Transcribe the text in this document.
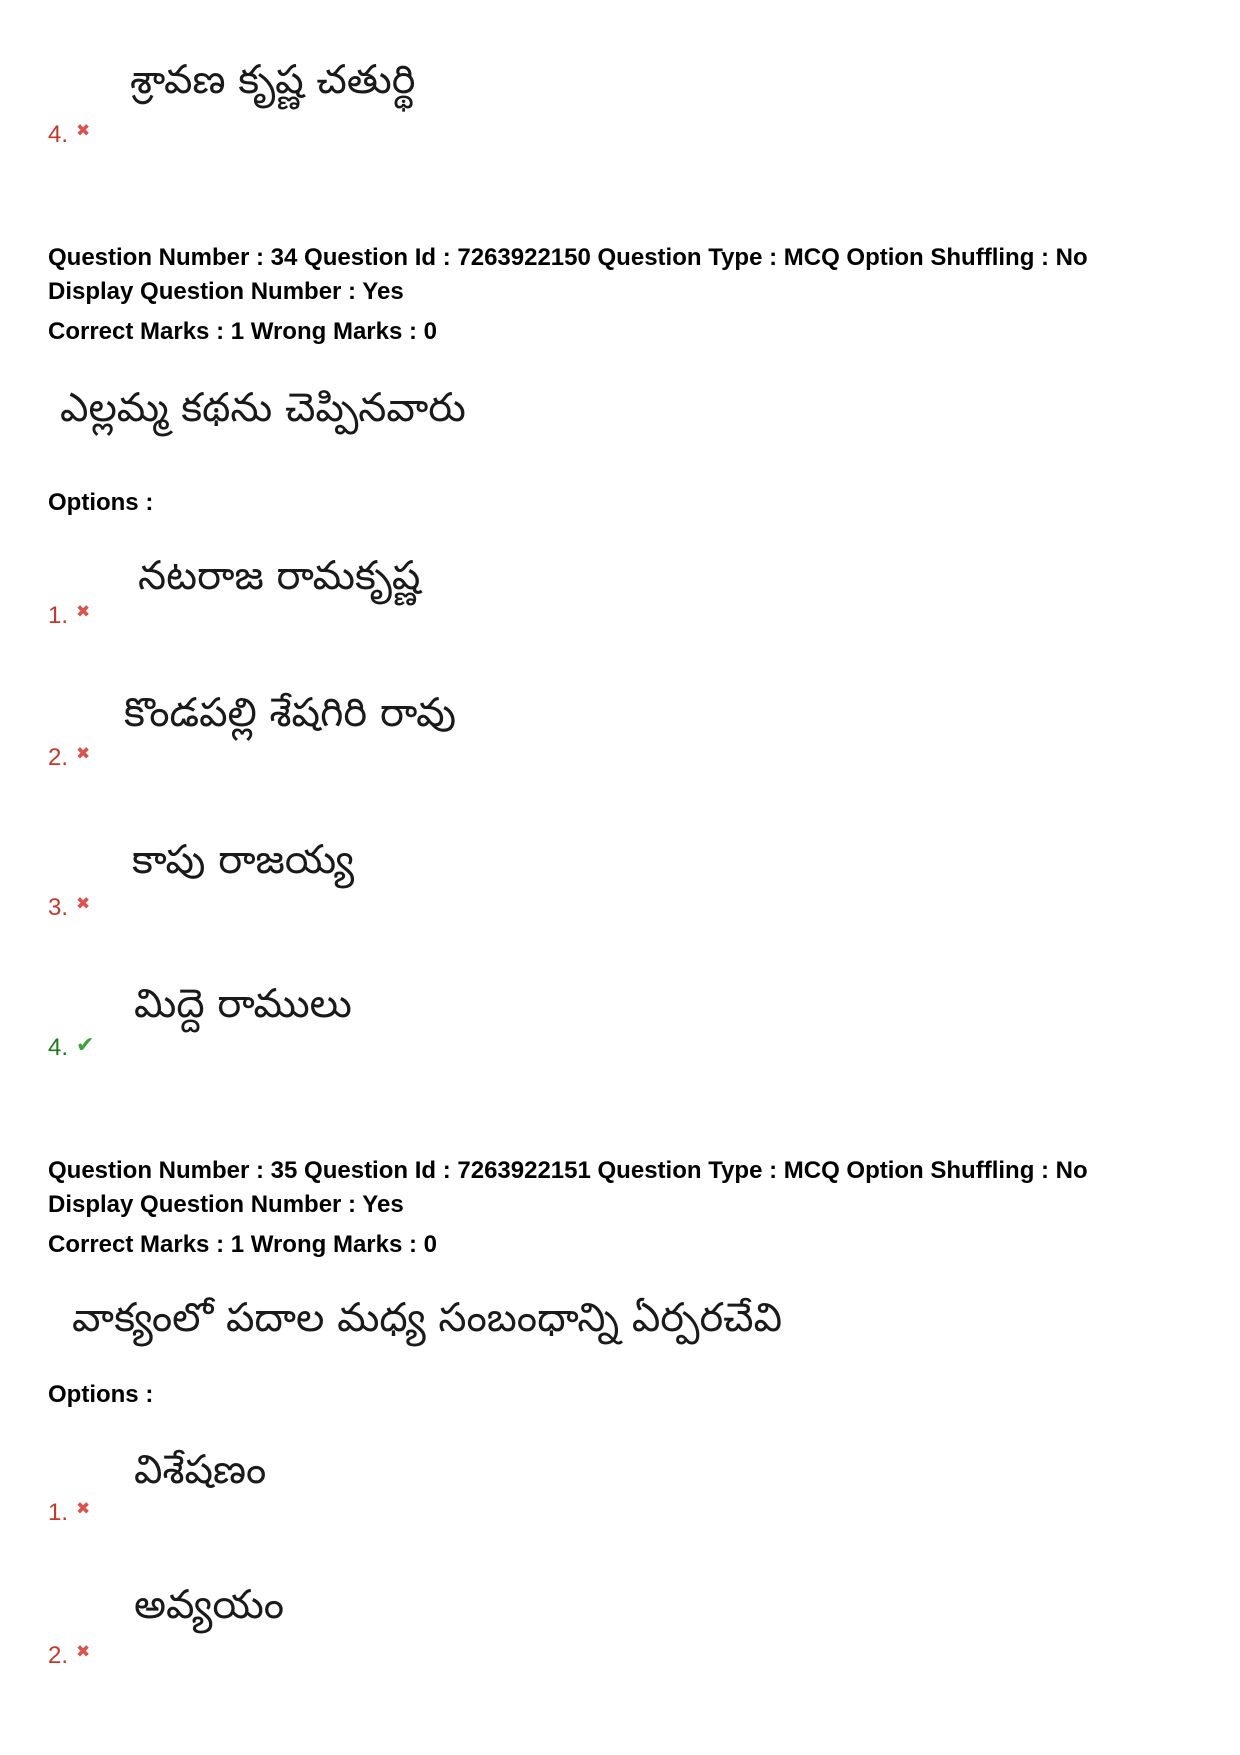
శ్రావణ కృష్ణ చతుర్థి
4. ✖
Question Number : 34 Question Id : 7263922150 Question Type : MCQ Option Shuffling : No
Display Question Number : Yes
Correct Marks : 1 Wrong Marks : 0
ఎల్లమ్మ కథను చెప్పినవారు
Options :
నటరాజ రామకృష్ణ
1. ✖
కొండపల్లి శేషగిరి రావు
2. ✖
కాపు రాజయ్య
3. ✖
మిద్దె రాములు
4. ✔
Question Number : 35 Question Id : 7263922151 Question Type : MCQ Option Shuffling : No
Display Question Number : Yes
Correct Marks : 1 Wrong Marks : 0
వాక్యంలో పదాల మధ్య సంబంధాన్ని ఏర్పరచేవి
Options :
విశేషణం
1. ✖
అవ్యయం
2. ✖
